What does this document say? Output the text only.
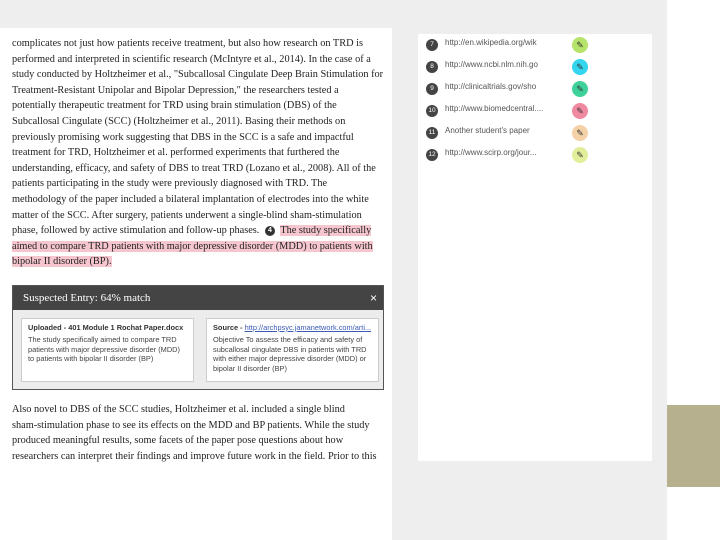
complicates not just how patients receive treatment, but also how research on TRD is
performed and interpreted in scientific research (McIntyre et al., 2014). In the case of a
study conducted by Holtzheimer et al., "Subcallosal Cingulate Deep Brain Stimulation for
Treatment-Resistant Unipolar and Bipolar Depression," the researchers tested a
potentially therapeutic treatment for TRD using brain stimulation (DBS) of the
Subcallosal Cingulate (SCC) (Holtzheimer et al., 2011). Basing their methods on
previously promising work suggesting that DBS in the SCC is a safe and impactful
treatment for TRD, Holtzheimer et al. performed experiments that furthered the
understanding, efficacy, and safety of DBS to treat TRD (Lozano et al., 2008). All of the
patients participating in the study were previously diagnosed with TRD. The
methodology of the paper included a bilateral implantation of electrodes into the white
matter of the SCC. After surgery, patients underwent a single-blind sham-stimulation
phase, followed by active stimulation and follow-up phases. 4 The study specifically
aimed to compare TRD patients with major depressive disorder (MDD) to patients with
bipolar II disorder (BP).
Suspected Entry: 64% match	×
Uploaded - 401 Module 1 Rochat Paper.docx
The study specifically aimed to compare TRD patients with major depressive disorder (MDD) to patients with bipolar II disorder (BP)
Source - http://archpsyc.jamanetwork.com/arti...
Objective To assess the efficacy and safety of subcallosal cingulate DBS in patients with TRD with either major depressive disorder (MDD) or bipolar II disorder (BP)
Also novel to DBS of the SCC studies, Holtzheimer et al. included a single blind
sham-stimulation phase to see its effects on the MDD and BP patients. While the study
produced meaningful results, some facets of the paper pose questions about how
researchers can interpret their findings and improve future work in the field. Prior to this
7	http://en.wikipedia.org/wik	✎
8	http://www.ncbi.nlm.nih.go	✎
9	http://clinicaltrials.gov/sho	✎
10 http://www.biomedcentral....	✎
11	Another student's paper	✎
12 http://www.scirp.org/jour...	✎
